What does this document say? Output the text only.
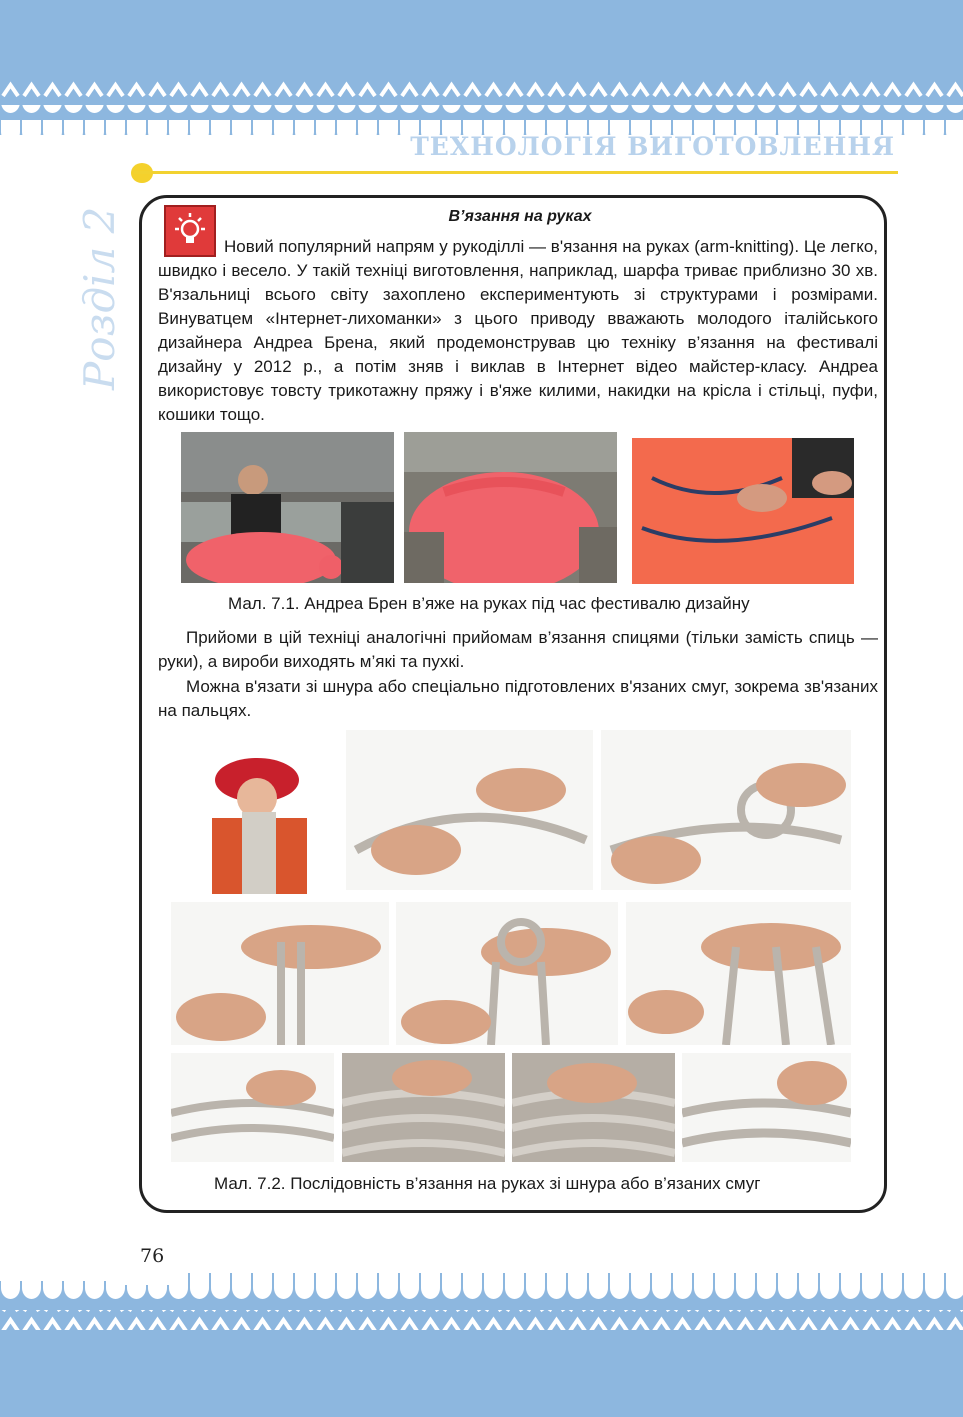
ТЕХНОЛОГІЯ ВИГОТОВЛЕННЯ
Розділ 2	В’язання на руках

Новий популярний напрям у рукоділлі — в'язання на руках (arm-knitting). Це легко, швидко і весело. У такій техніці виготовлення, наприклад, шарфа триває приблизно 30 хв. В'язальниці всього світу захоплено експериментують зі структурами і розмірами. Винуватцем «Інтернет-лихоманки» з цього приводу вважають молодого італійського дизайнера Андреа Брена, який продемонстрував цю техніку в’язання на фестивалі дизайну у 2012 р., а потім зняв і виклав в Інтернет відео майстер-класу. Андреа використовує товсту трикотажну пряжу і в'яже килими, накидки на крісла і стільці, пуфи, кошики тощо.

Мал. 7.1. Андреа Брен в’яже на руках під час фестивалю дизайну

Прийоми в цій техніці аналогічні прийомам в’язання спицями (тільки замість спиць — руки), а вироби виходять м’які та пухкі.

Можна в'язати зі шнура або спеціально підготовлених в'язаних смуг, зокрема зв'язаних на пальцях.

Мал. 7.2. Послідовність в’язання на руках зі шнура або в’язаних смуг
76
